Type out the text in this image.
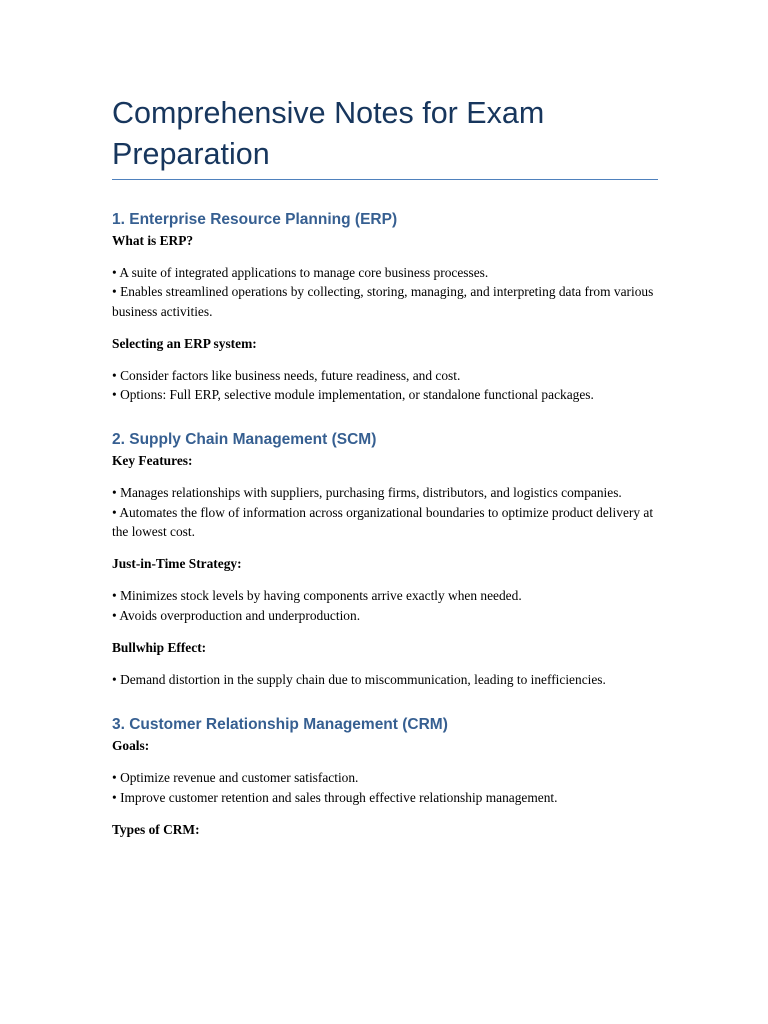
Comprehensive Notes for Exam Preparation
1. Enterprise Resource Planning (ERP)

What is ERP?

• A suite of integrated applications to manage core business processes.
• Enables streamlined operations by collecting, storing, managing, and interpreting data from various business activities.

Selecting an ERP system:

• Consider factors like business needs, future readiness, and cost.
• Options: Full ERP, selective module implementation, or standalone functional packages.
2. Supply Chain Management (SCM)

Key Features:

• Manages relationships with suppliers, purchasing firms, distributors, and logistics companies.
• Automates the flow of information across organizational boundaries to optimize product delivery at the lowest cost.

Just-in-Time Strategy:

• Minimizes stock levels by having components arrive exactly when needed.
• Avoids overproduction and underproduction.

Bullwhip Effect:

• Demand distortion in the supply chain due to miscommunication, leading to inefficiencies.
3. Customer Relationship Management (CRM)

Goals:

• Optimize revenue and customer satisfaction.
• Improve customer retention and sales through effective relationship management.

Types of CRM:
